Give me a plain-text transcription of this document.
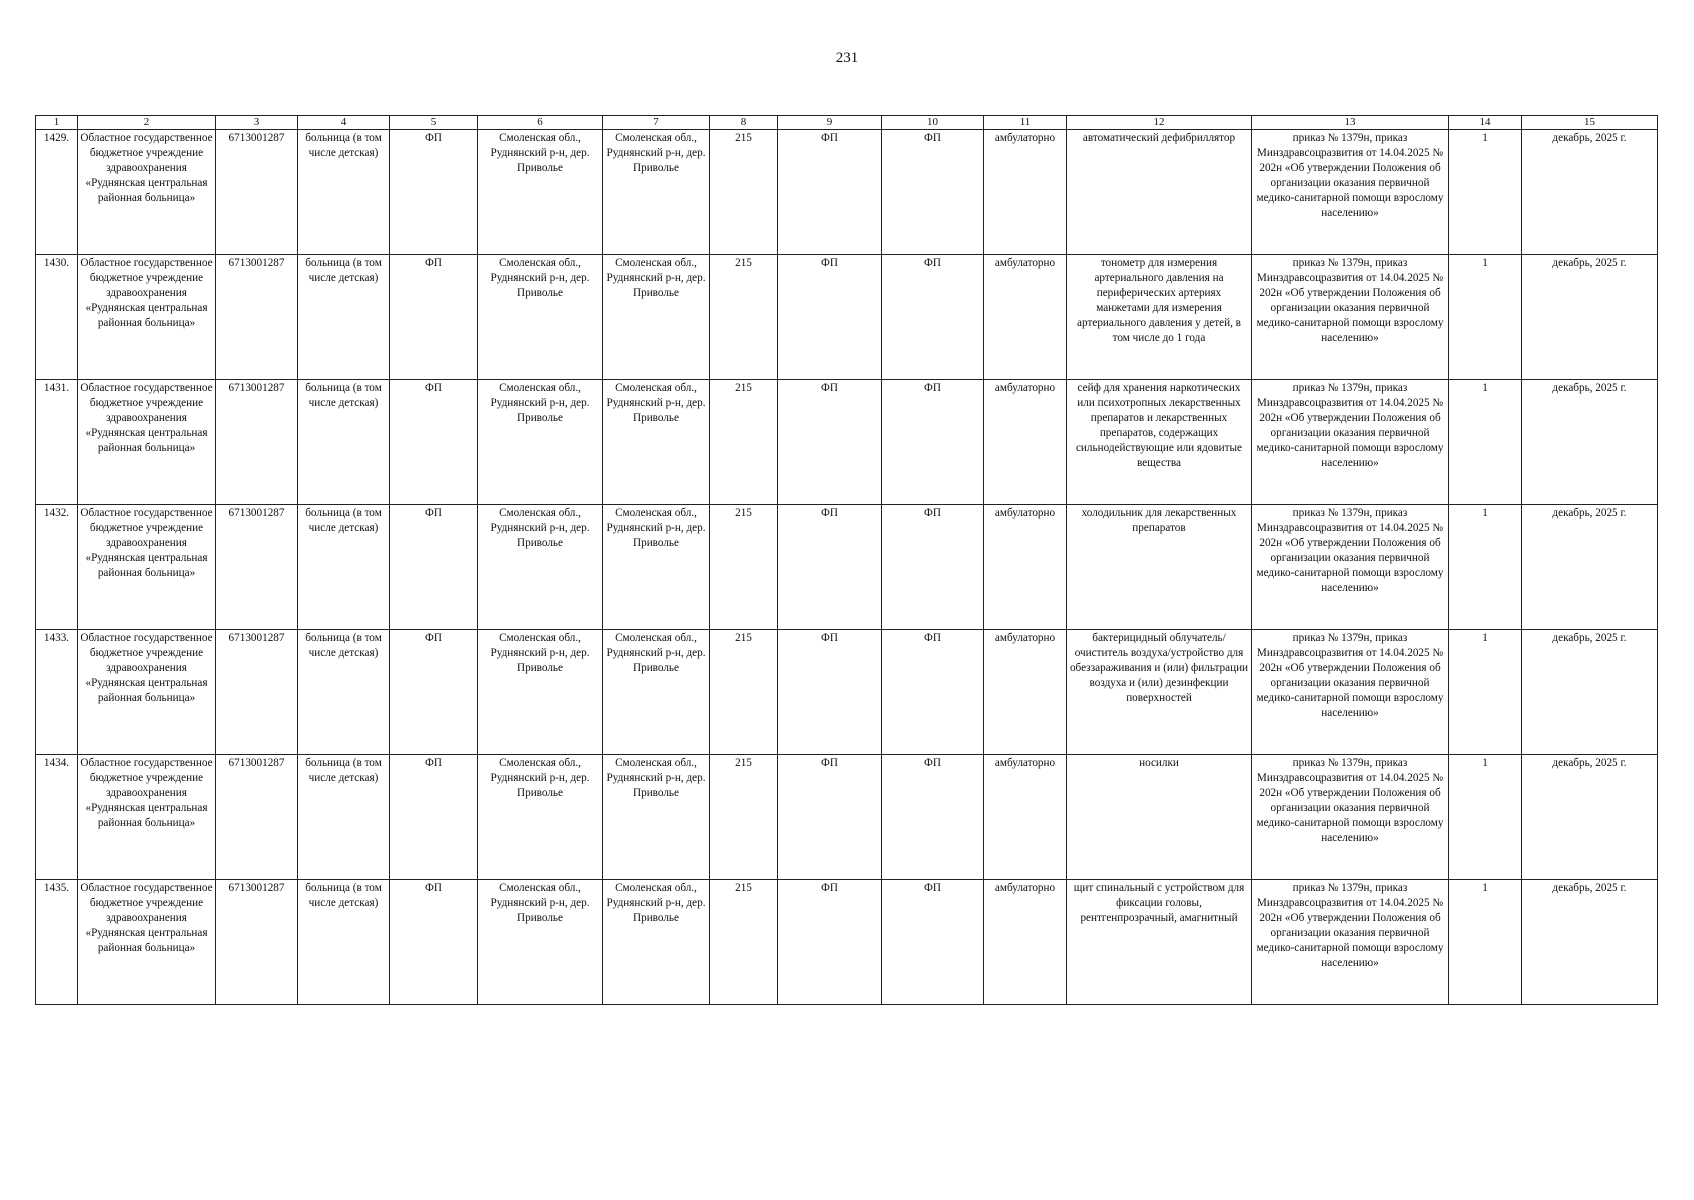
231
1	2	3	4	5	6	7	8	9	10	11	12	13	14	15
1429.	Областное государственное бюджетное учреждение здравоохранения «Руднянская центральная районная больница»	6713001287	больница (в том числе детская)	ФП	Смоленская обл., Руднянский р-н, дер. Приволье	Смоленская обл., Руднянский р-н, дер. Приволье	215	ФП	ФП	амбулаторно	автоматический дефибриллятор	приказ № 1379н, приказ Минздравсоцразвития от 14.04.2025 № 202н «Об утверждении Положения об организации оказания первичной медико-санитарной помощи взрослому населению»	1	декабрь, 2025 г.
1430.	Областное государственное бюджетное учреждение здравоохранения «Руднянская центральная районная больница»	6713001287	больница (в том числе детская)	ФП	Смоленская обл., Руднянский р-н, дер. Приволье	Смоленская обл., Руднянский р-н, дер. Приволье	215	ФП	ФП	амбулаторно	тонометр для измерения артериального давления на периферических артериях манжетами для измерения артериального давления у детей, в том числе до 1 года	приказ № 1379н, приказ Минздравсоцразвития от 14.04.2025 № 202н «Об утверждении Положения об организации оказания первичной медико-санитарной помощи взрослому населению»	1	декабрь, 2025 г.
1431.	Областное государственное бюджетное учреждение здравоохранения «Руднянская центральная районная больница»	6713001287	больница (в том числе детская)	ФП	Смоленская обл., Руднянский р-н, дер. Приволье	Смоленская обл., Руднянский р-н, дер. Приволье	215	ФП	ФП	амбулаторно	сейф для хранения наркотических или психотропных лекарственных препаратов и лекарственных препаратов, содержащих сильнодействующие или ядовитые вещества	приказ № 1379н, приказ Минздравсоцразвития от 14.04.2025 № 202н «Об утверждении Положения об организации оказания первичной медико-санитарной помощи взрослому населению»	1	декабрь, 2025 г.
1432.	Областное государственное бюджетное учреждение здравоохранения «Руднянская центральная районная больница»	6713001287	больница (в том числе детская)	ФП	Смоленская обл., Руднянский р-н, дер. Приволье	Смоленская обл., Руднянский р-н, дер. Приволье	215	ФП	ФП	амбулаторно	холодильник для лекарственных препаратов	приказ № 1379н, приказ Минздравсоцразвития от 14.04.2025 № 202н «Об утверждении Положения об организации оказания первичной медико-санитарной помощи взрослому населению»	1	декабрь, 2025 г.
1433.	Областное государственное бюджетное учреждение здравоохранения «Руднянская центральная районная больница»	6713001287	больница (в том числе детская)	ФП	Смоленская обл., Руднянский р-н, дер. Приволье	Смоленская обл., Руднянский р-н, дер. Приволье	215	ФП	ФП	амбулаторно	бактерицидный облучатель/очиститель воздуха/устройство для обеззараживания и (или) фильтрации воздуха и (или) дезинфекции поверхностей	приказ № 1379н, приказ Минздравсоцразвития от 14.04.2025 № 202н «Об утверждении Положения об организации оказания первичной медико-санитарной помощи взрослому населению»	1	декабрь, 2025 г.
1434.	Областное государственное бюджетное учреждение здравоохранения «Руднянская центральная районная больница»	6713001287	больница (в том числе детская)	ФП	Смоленская обл., Руднянский р-н, дер. Приволье	Смоленская обл., Руднянский р-н, дер. Приволье	215	ФП	ФП	амбулаторно	носилки	приказ № 1379н, приказ Минздравсоцразвития от 14.04.2025 № 202н «Об утверждении Положения об организации оказания первичной медико-санитарной помощи взрослому населению»	1	декабрь, 2025 г.
1435.	Областное государственное бюджетное учреждение здравоохранения «Руднянская центральная районная больница»	6713001287	больница (в том числе детская)	ФП	Смоленская обл., Руднянский р-н, дер. Приволье	Смоленская обл., Руднянский р-н, дер. Приволье	215	ФП	ФП	амбулаторно	щит спинальный с устройством для фиксации головы, рентгенпрозрачный, амагнитный	приказ № 1379н, приказ Минздравсоцразвития от 14.04.2025 № 202н «Об утверждении Положения об организации оказания первичной медико-санитарной помощи взрослому населению»	1	декабрь, 2025 г.
